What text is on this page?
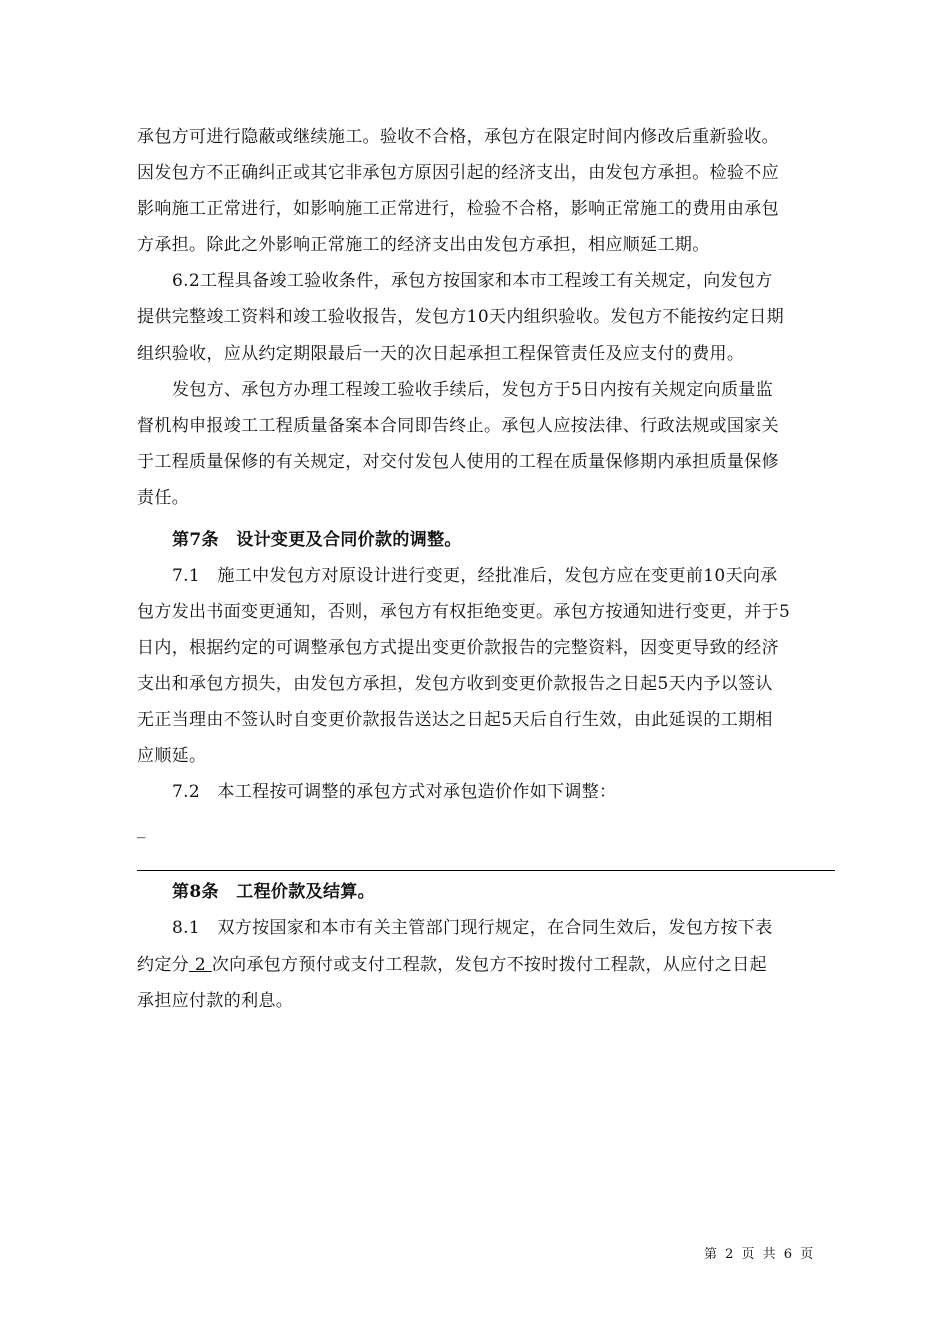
承包方可进行隐蔽或继续施工。验收不合格，承包方在限定时间内修改后重新验收。
因发包方不正确纠正或其它非承包方原因引起的经济支出，由发包方承担。检验不应
影响施工正常进行，如影响施工正常进行，检验不合格，影响正常施工的费用由承包
方承担。除此之外影响正常施工的经济支出由发包方承担，相应顺延工期。
6.2工程具备竣工验收条件，承包方按国家和本市工程竣工有关规定，向发包方
提供完整竣工资料和竣工验收报告，发包方10天内组织验收。发包方不能按约定日期
组织验收，应从约定期限最后一天的次日起承担工程保管责任及应支付的费用。
发包方、承包方办理工程竣工验收手续后，发包方于5日内按有关规定向质量监
督机构申报竣工工程质量备案本合同即告终止。承包人应按法律、行政法规或国家关
于工程质量保修的有关规定，对交付发包人使用的工程在质量保修期内承担质量保修
责任。
第7条　设计变更及合同价款的调整。
7.1　施工中发包方对原设计进行变更，经批准后，发包方应在变更前10天向承
包方发出书面变更通知，否则，承包方有权拒绝变更。承包方按通知进行变更，并于5
日内，根据约定的可调整承包方式提出变更价款报告的完整资料，因变更导致的经济
支出和承包方损失，由发包方承担，发包方收到变更价款报告之日起5天内予以签认
无正当理由不签认时自变更价款报告送达之日起5天后自行生效，由此延误的工期相
应顺延。
7.2　本工程按可调整的承包方式对承包造价作如下调整：
_
第8条　工程价款及结算。
8.1　双方按国家和本市有关主管部门现行规定，在合同生效后，发包方按下表
约定分 2 次向承包方预付或支付工程款，发包方不按时拨付工程款，从应付之日起
承担应付款的利息。
第 2 页 共 6 页
